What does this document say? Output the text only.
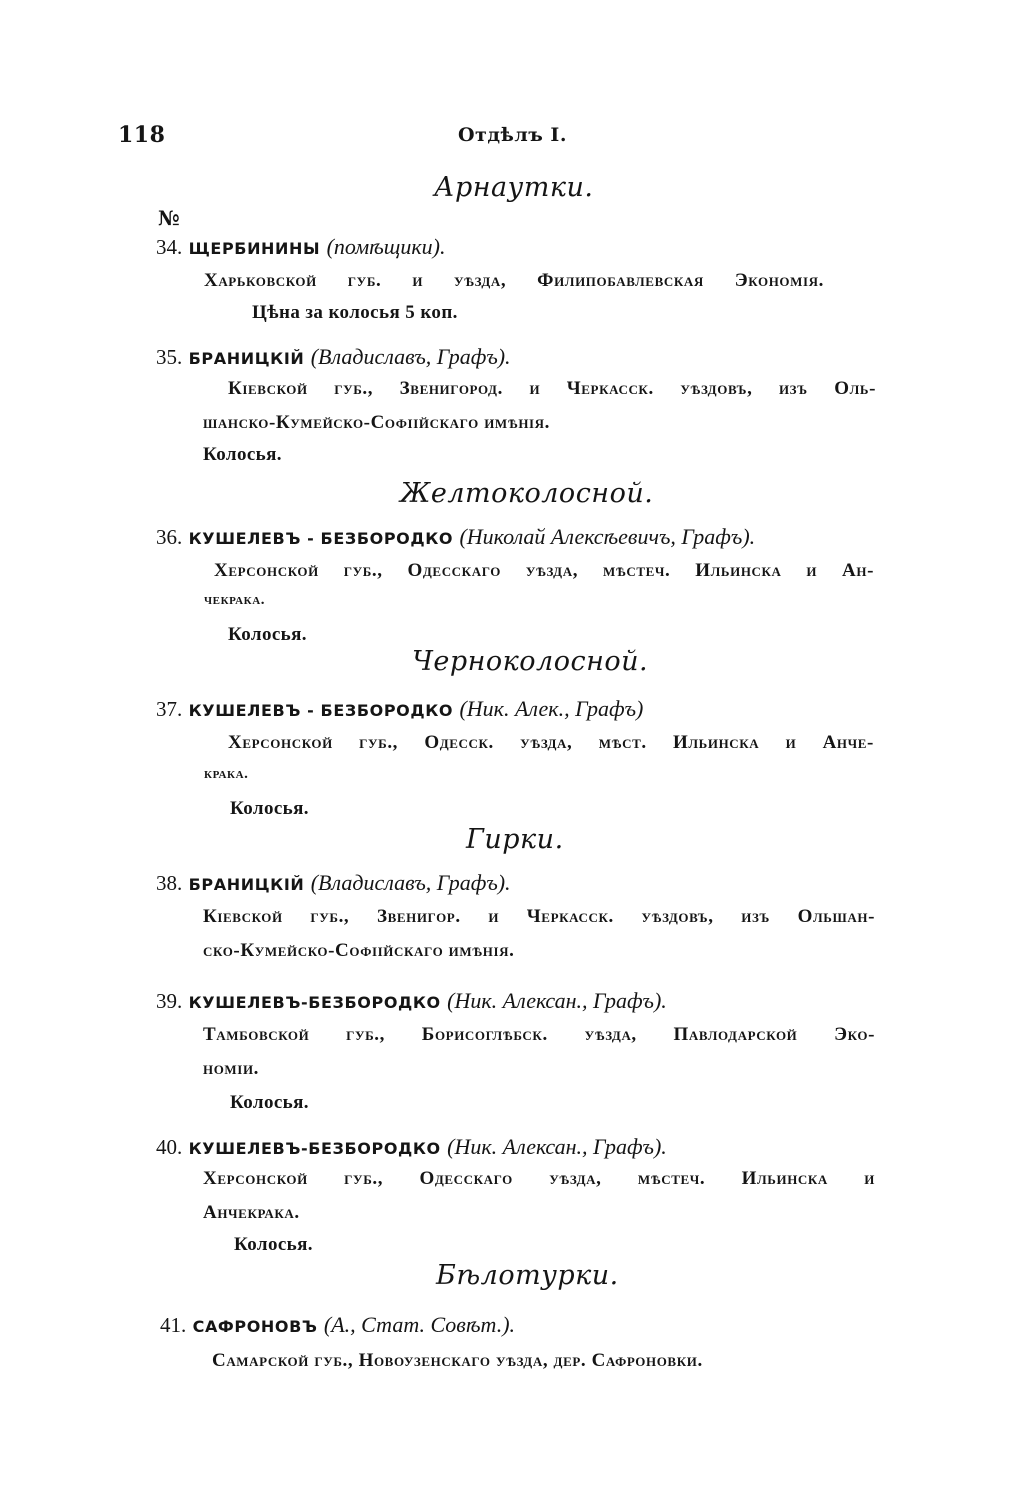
118	Отдѣлъ I.
Арнаутки.
№
34. ЩЕРБИНИНЫ (помѣщики).
Харьковской губ. и уѣзда, Филипобавлевская Экономія.
Цѣна за колосья 5 коп.
35. БРАНИЦКІЙ (Владиславъ, Графъ).
Кіевской губ., Звенигород. и Черкасск. уѣздовъ, изъ Оль-
шанско-Кумейско-Софіійскаго имѣнія.
Колосья.
Желтоколосной.
36. КУШЕЛЕВЪ - БЕЗБОРОДКО (Николай Алексѣевичъ, Графъ).
Херсонской губ., Одесскаго уѣзда, мѣстеч. Ильинска и Ан-
чекрака.
Колосья.
Черноколосной.
37. КУШЕЛЕВЪ - БЕЗБОРОДКО (Ник. Алек., Графъ)
Херсонской губ., Одесск. уѣзда, мѣст. Ильинска и Анче-
крака.
Колосья.
Гирки.
38. БРАНИЦКІЙ (Владиславъ, Графъ).
Кіевской губ., Звенигор. и Черкасск. уѣздовъ, изъ Ольшан-
ско-Кумейско-Софіійскаго имѣнія.
39. КУШЕЛЕВЪ-БЕЗБОРОДКО (Ник. Алексан., Графъ).
Тамбовской губ., Борисоглѣбск. уѣзда, Павлодарской Эко-
номіи.
Колосья.
40. КУШЕЛЕВЪ-БЕЗБОРОДКО (Ник. Алексан., Графъ).
Херсонской губ., Одесскаго уѣзда, мѣстеч. Ильинска и
Анчекрака.
Колосья.
Бѣлотурки.
41. САФРОНОВЪ (А., Стат. Совѣт.).
Самарской губ., Новоузенскаго уѣзда, дер. Сафроновки.
